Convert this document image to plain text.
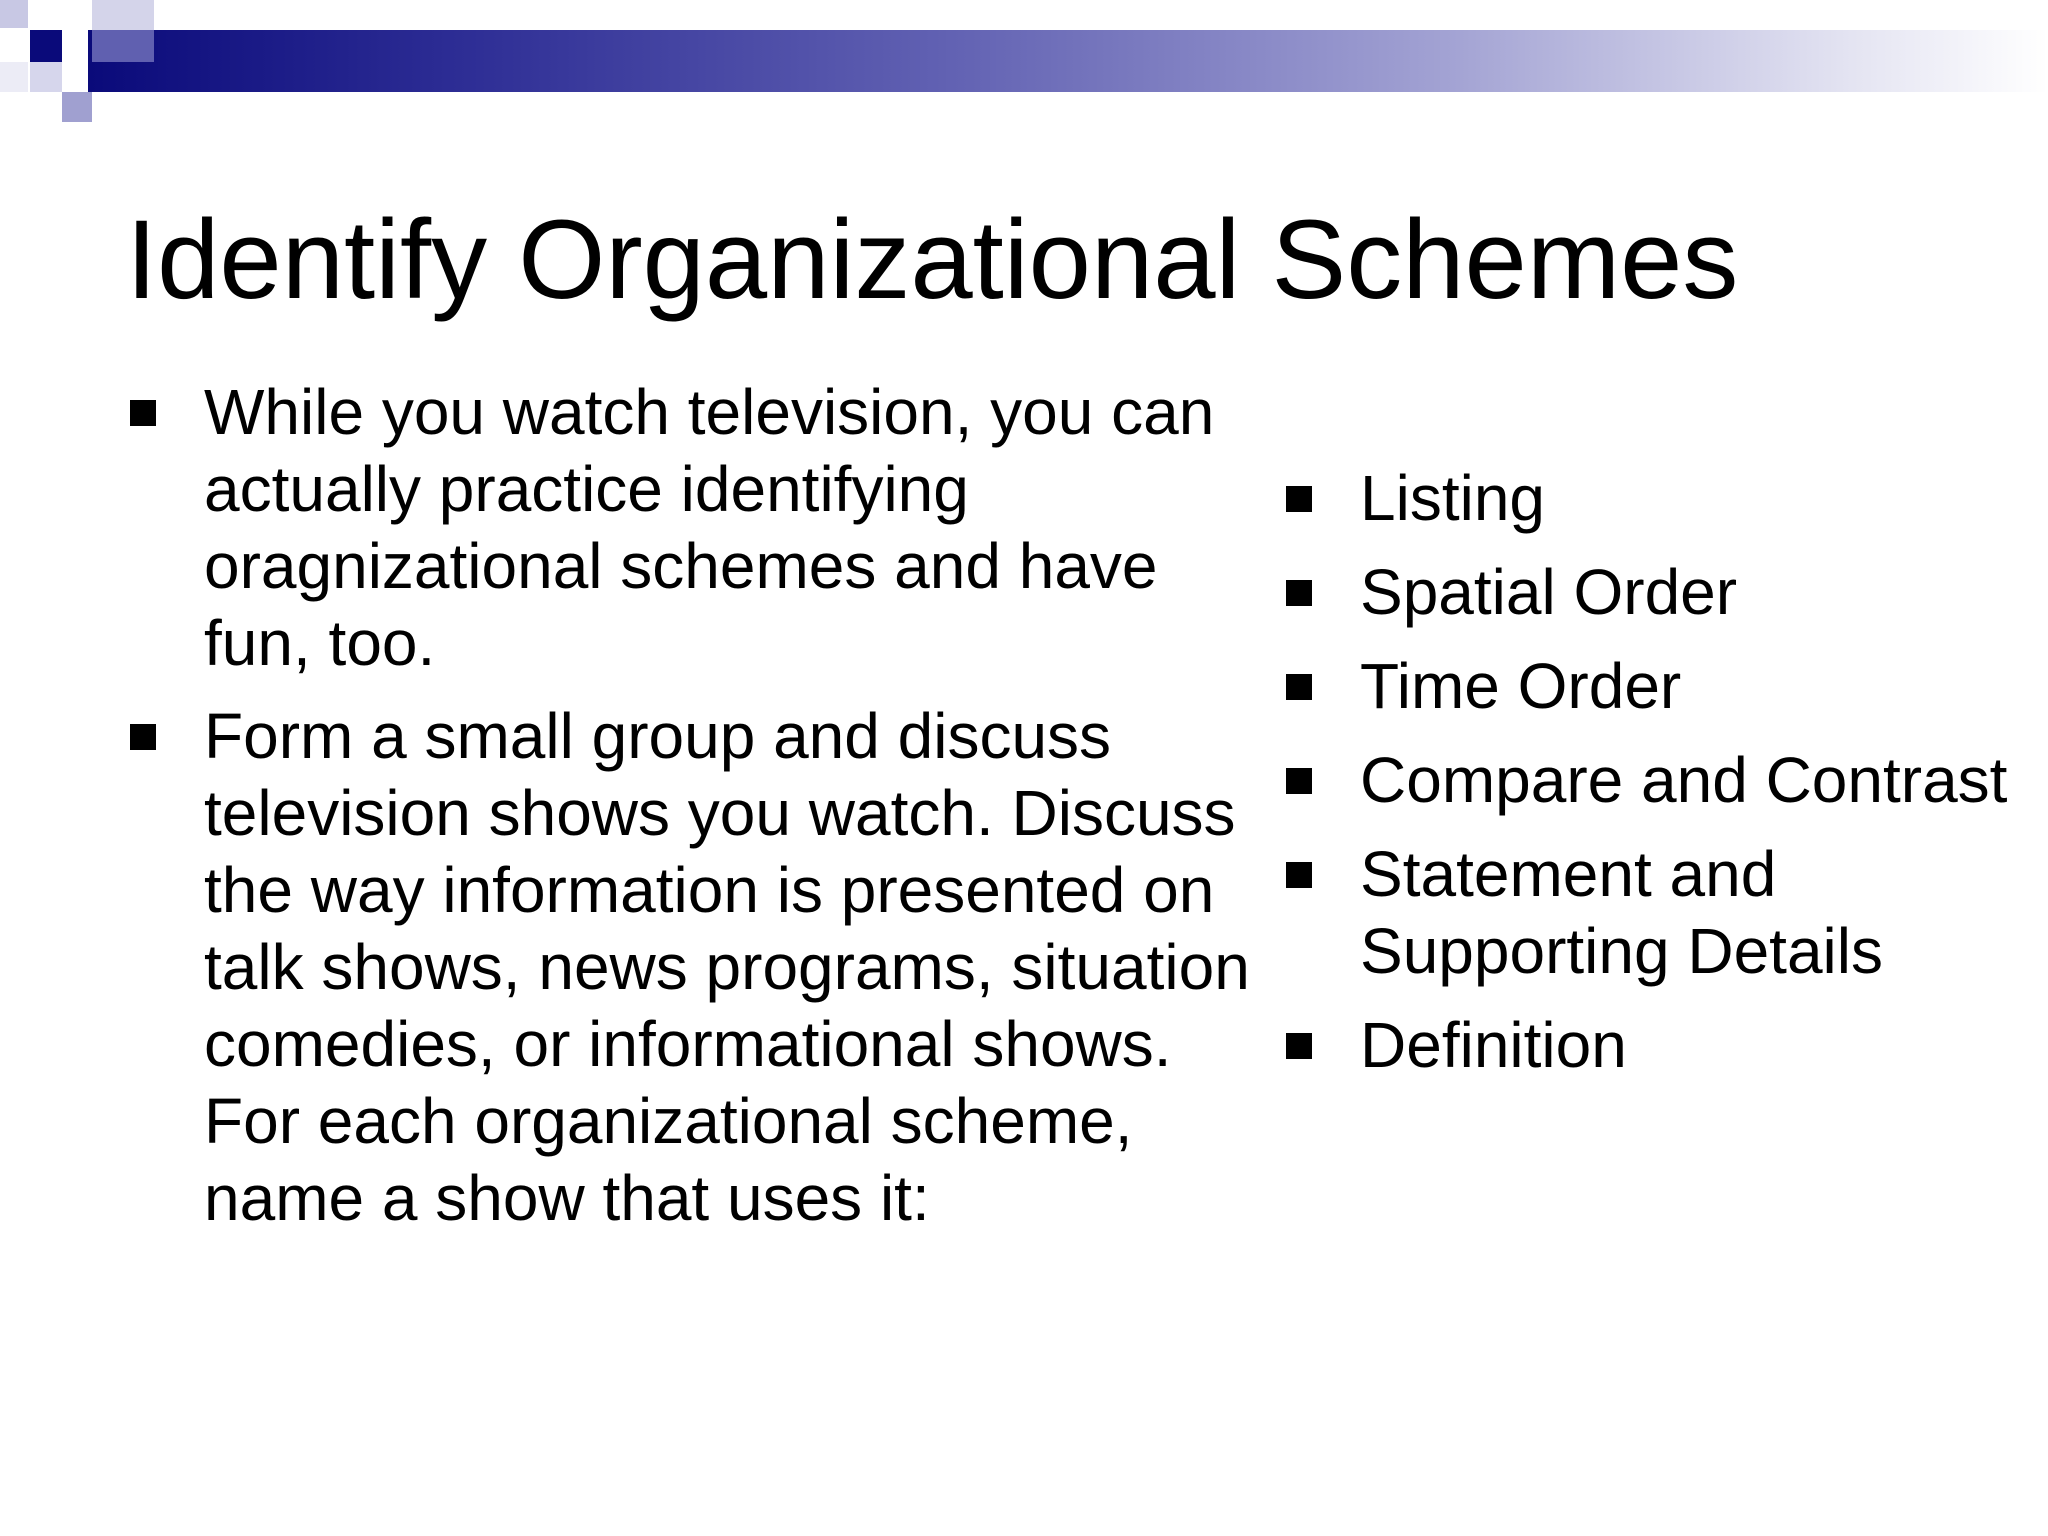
Identify Organizational Schemes
While you watch television, you can actually practice identifying oragnizational schemes and have fun, too.
Form a small group and discuss television shows you watch. Discuss the way information is presented on talk shows, news programs, situation comedies, or informational shows. For each organizational scheme, name a show that uses it:
Listing
Spatial Order
Time Order
Compare and Contrast
Statement and Supporting Details
Definition
